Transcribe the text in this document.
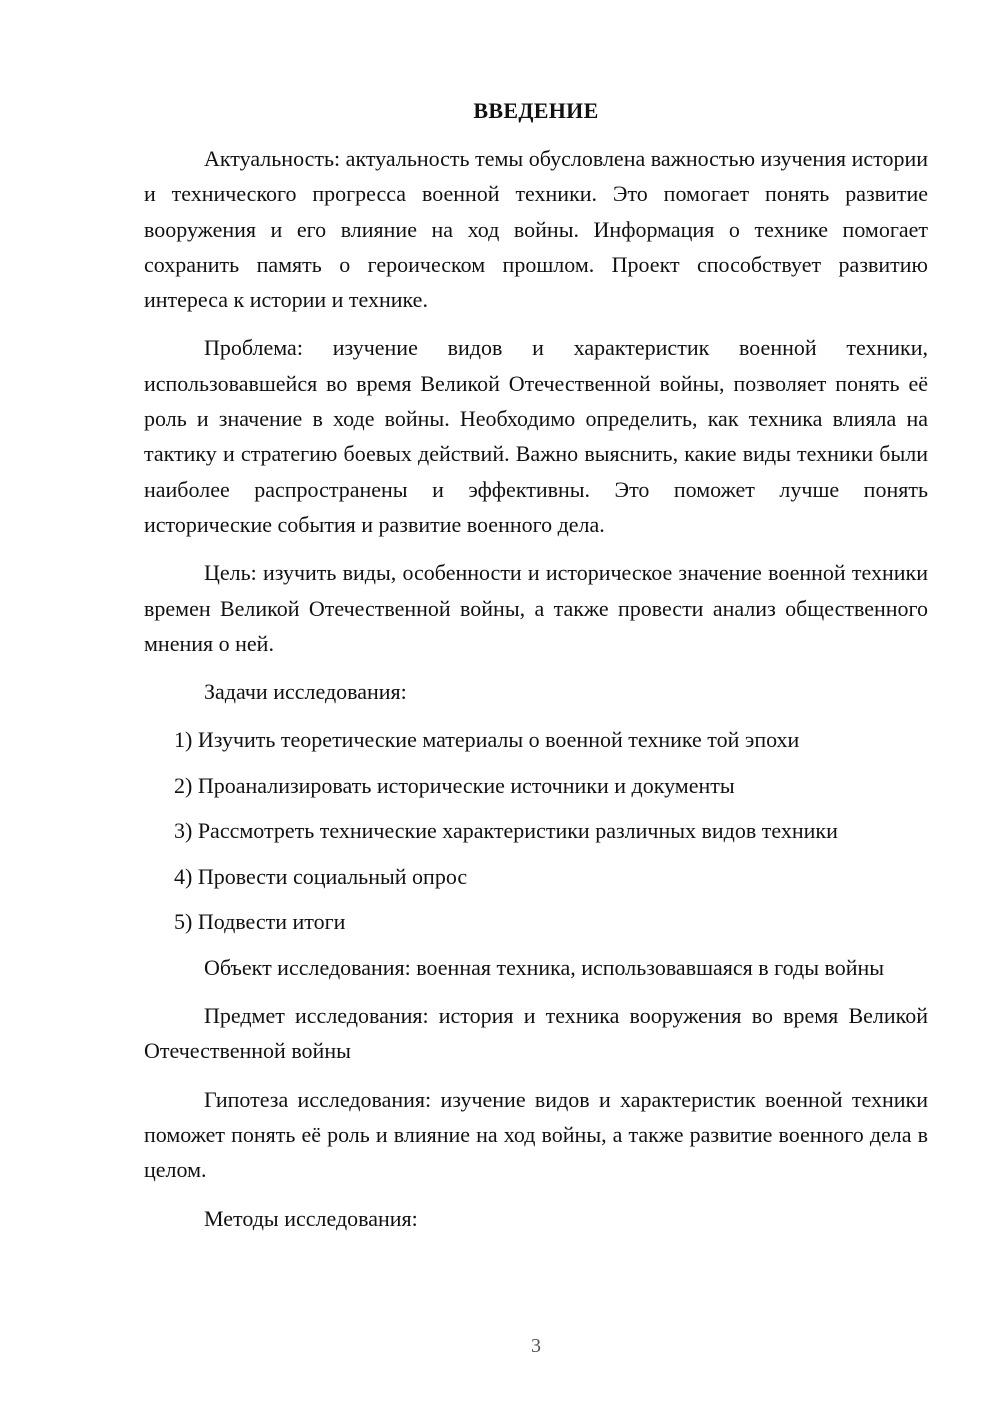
ВВЕДЕНИЕ

Актуальность: актуальность темы обусловлена важностью изучения истории и технического прогресса военной техники. Это помогает понять развитие вооружения и его влияние на ход войны. Информация о технике помогает сохранить память о героическом прошлом. Проект способствует развитию интереса к истории и технике.

Проблема: изучение видов и характеристик военной техники, использовавшейся во время Великой Отечественной войны, позволяет понять её роль и значение в ходе войны. Необходимо определить, как техника влияла на тактику и стратегию боевых действий. Важно выяснить, какие виды техники были наиболее распространены и эффективны. Это поможет лучше понять исторические события и развитие военного дела.

Цель: изучить виды, особенности и историческое значение военной техники времен Великой Отечественной войны, а также провести анализ общественного мнения о ней.

Задачи исследования:

1) Изучить теоретические материалы о военной технике той эпохи
2) Проанализировать исторические источники и документы
3) Рассмотреть технические характеристики различных видов техники
4) Провести социальный опрос
5) Подвести итоги

Объект исследования: военная техника, использовавшаяся в годы войны

Предмет исследования: история и техника вооружения во время Великой Отечественной войны

Гипотеза исследования: изучение видов и характеристик военной техники поможет понять её роль и влияние на ход войны, а также развитие военного дела в целом.

Методы исследования:

3
